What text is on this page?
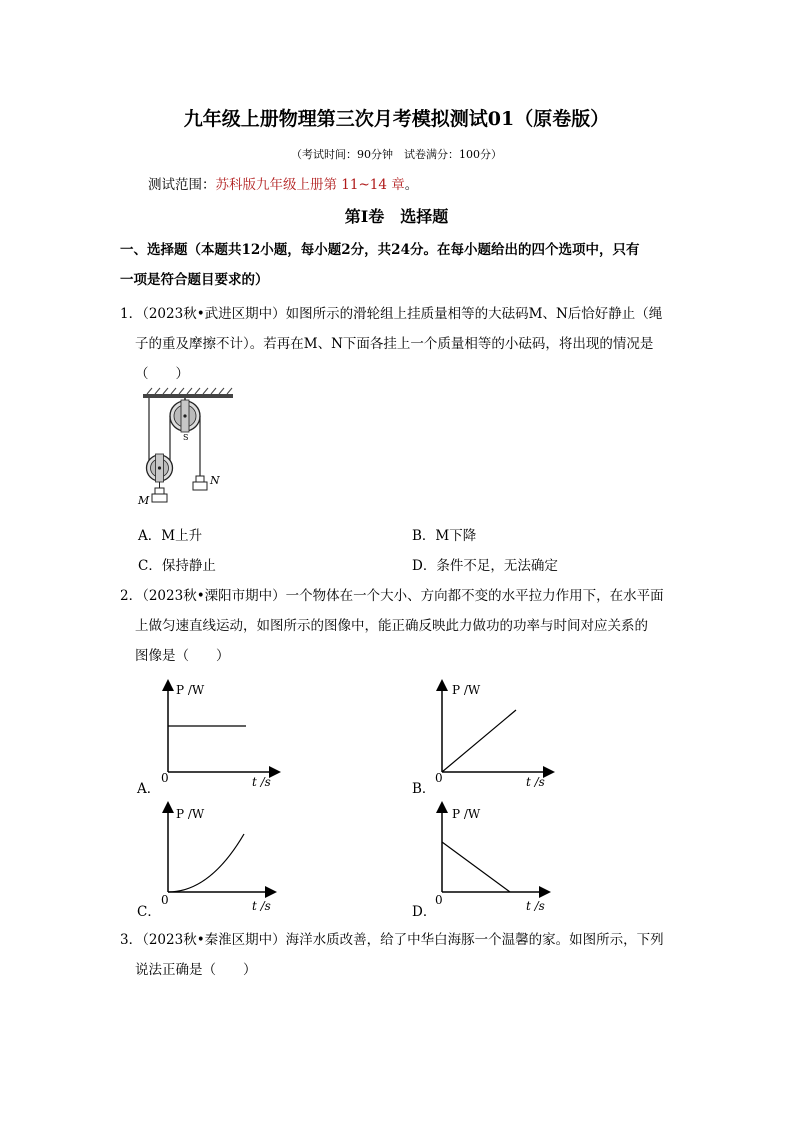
九年级上册物理第三次月考模拟测试01（原卷版）
（考试时间：90分钟　试卷满分：100分）
测试范围：苏科版九年级上册第 11~14 章。
第Ⅰ卷　选择题
一、选择题（本题共12小题，每小题2分，共24分。在每小题给出的四个选项中，只有
一项是符合题目要求的）
1．（2023秋•武进区期中）如图所示的滑轮组上挂质量相等的大砝码M、N后恰好静止（绳
子的重及摩擦不计）。若再在M、N下面各挂上一个质量相等的小砝码，将出现的情况是
（　　）
S
M
N
A．M上升	B．M下降
C．保持静止	D．条件不足，无法确定
2．（2023秋•溧阳市期中）一个物体在一个大小、方向都不变的水平拉力作用下，在水平面
上做匀速直线运动，如图所示的图像中，能正确反映此力做功的功率与时间对应关系的
图像是（　　）
A．
P /W
t /s
0
B．
P /W
t /s
0
C．
P /W
t /s
0
D．
P /W
t /s
0
3．（2023秋•秦淮区期中）海洋水质改善，给了中华白海豚一个温馨的家。如图所示，下列
说法正确是（　　）
